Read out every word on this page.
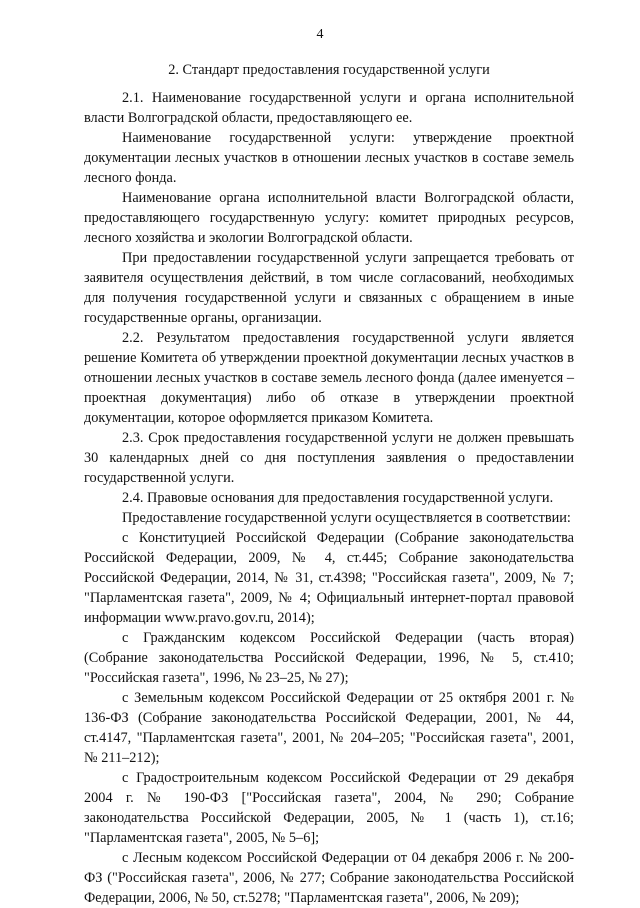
4
2. Стандарт предоставления государственной услуги

2.1. Наименование государственной услуги и органа исполнительной власти Волгоградской области, предоставляющего ее.

Наименование государственной услуги: утверждение проектной документации лесных участков в отношении лесных участков в составе земель лесного фонда.

Наименование органа исполнительной власти Волгоградской области, предоставляющего государственную услугу: комитет природных ресурсов, лесного хозяйства и экологии Волгоградской области.

При предоставлении государственной услуги запрещается требовать от заявителя осуществления действий, в том числе согласований, необходимых для получения государственной услуги и связанных с обращением в иные государственные органы, организации.

2.2. Результатом предоставления государственной услуги является решение Комитета об утверждении проектной документации лесных участков в отношении лесных участков в составе земель лесного фонда (далее именуется – проектная документация) либо об отказе в утверждении проектной документации, которое оформляется приказом Комитета.

2.3. Срок предоставления государственной услуги не должен превышать 30 календарных дней со дня поступления заявления о предоставлении государственной услуги.

2.4. Правовые основания для предоставления государственной услуги.

Предоставление государственной услуги осуществляется в соответствии:

с Конституцией Российской Федерации (Собрание законодательства Российской Федерации, 2009, № 4, ст.445; Собрание законодательства Российской Федерации, 2014, № 31, ст.4398; "Российская газета", 2009, № 7; "Парламентская газета", 2009, № 4; Официальный интернет-портал правовой информации www.pravo.gov.ru, 2014);

с Гражданским кодексом Российской Федерации (часть вторая) (Собрание законодательства Российской Федерации, 1996, № 5, ст.410; "Российская газета", 1996, № 23–25, № 27);

с Земельным кодексом Российской Федерации от 25 октября 2001 г. № 136-ФЗ (Собрание законодательства Российской Федерации, 2001, № 44, ст.4147, "Парламентская газета", 2001, № 204–205; "Российская газета", 2001, № 211–212);

с Градостроительным кодексом Российской Федерации от 29 декабря 2004 г. № 190-ФЗ ["Российская газета", 2004, № 290; Собрание законодательства Российской Федерации, 2005, № 1 (часть 1), ст.16; "Парламентская газета", 2005, № 5–6];

с Лесным кодексом Российской Федерации от 04 декабря 2006 г. № 200-ФЗ ("Российская газета", 2006, № 277; Собрание законодательства Российской Федерации, 2006, № 50, ст.5278; "Парламентская газета", 2006, № 209);
